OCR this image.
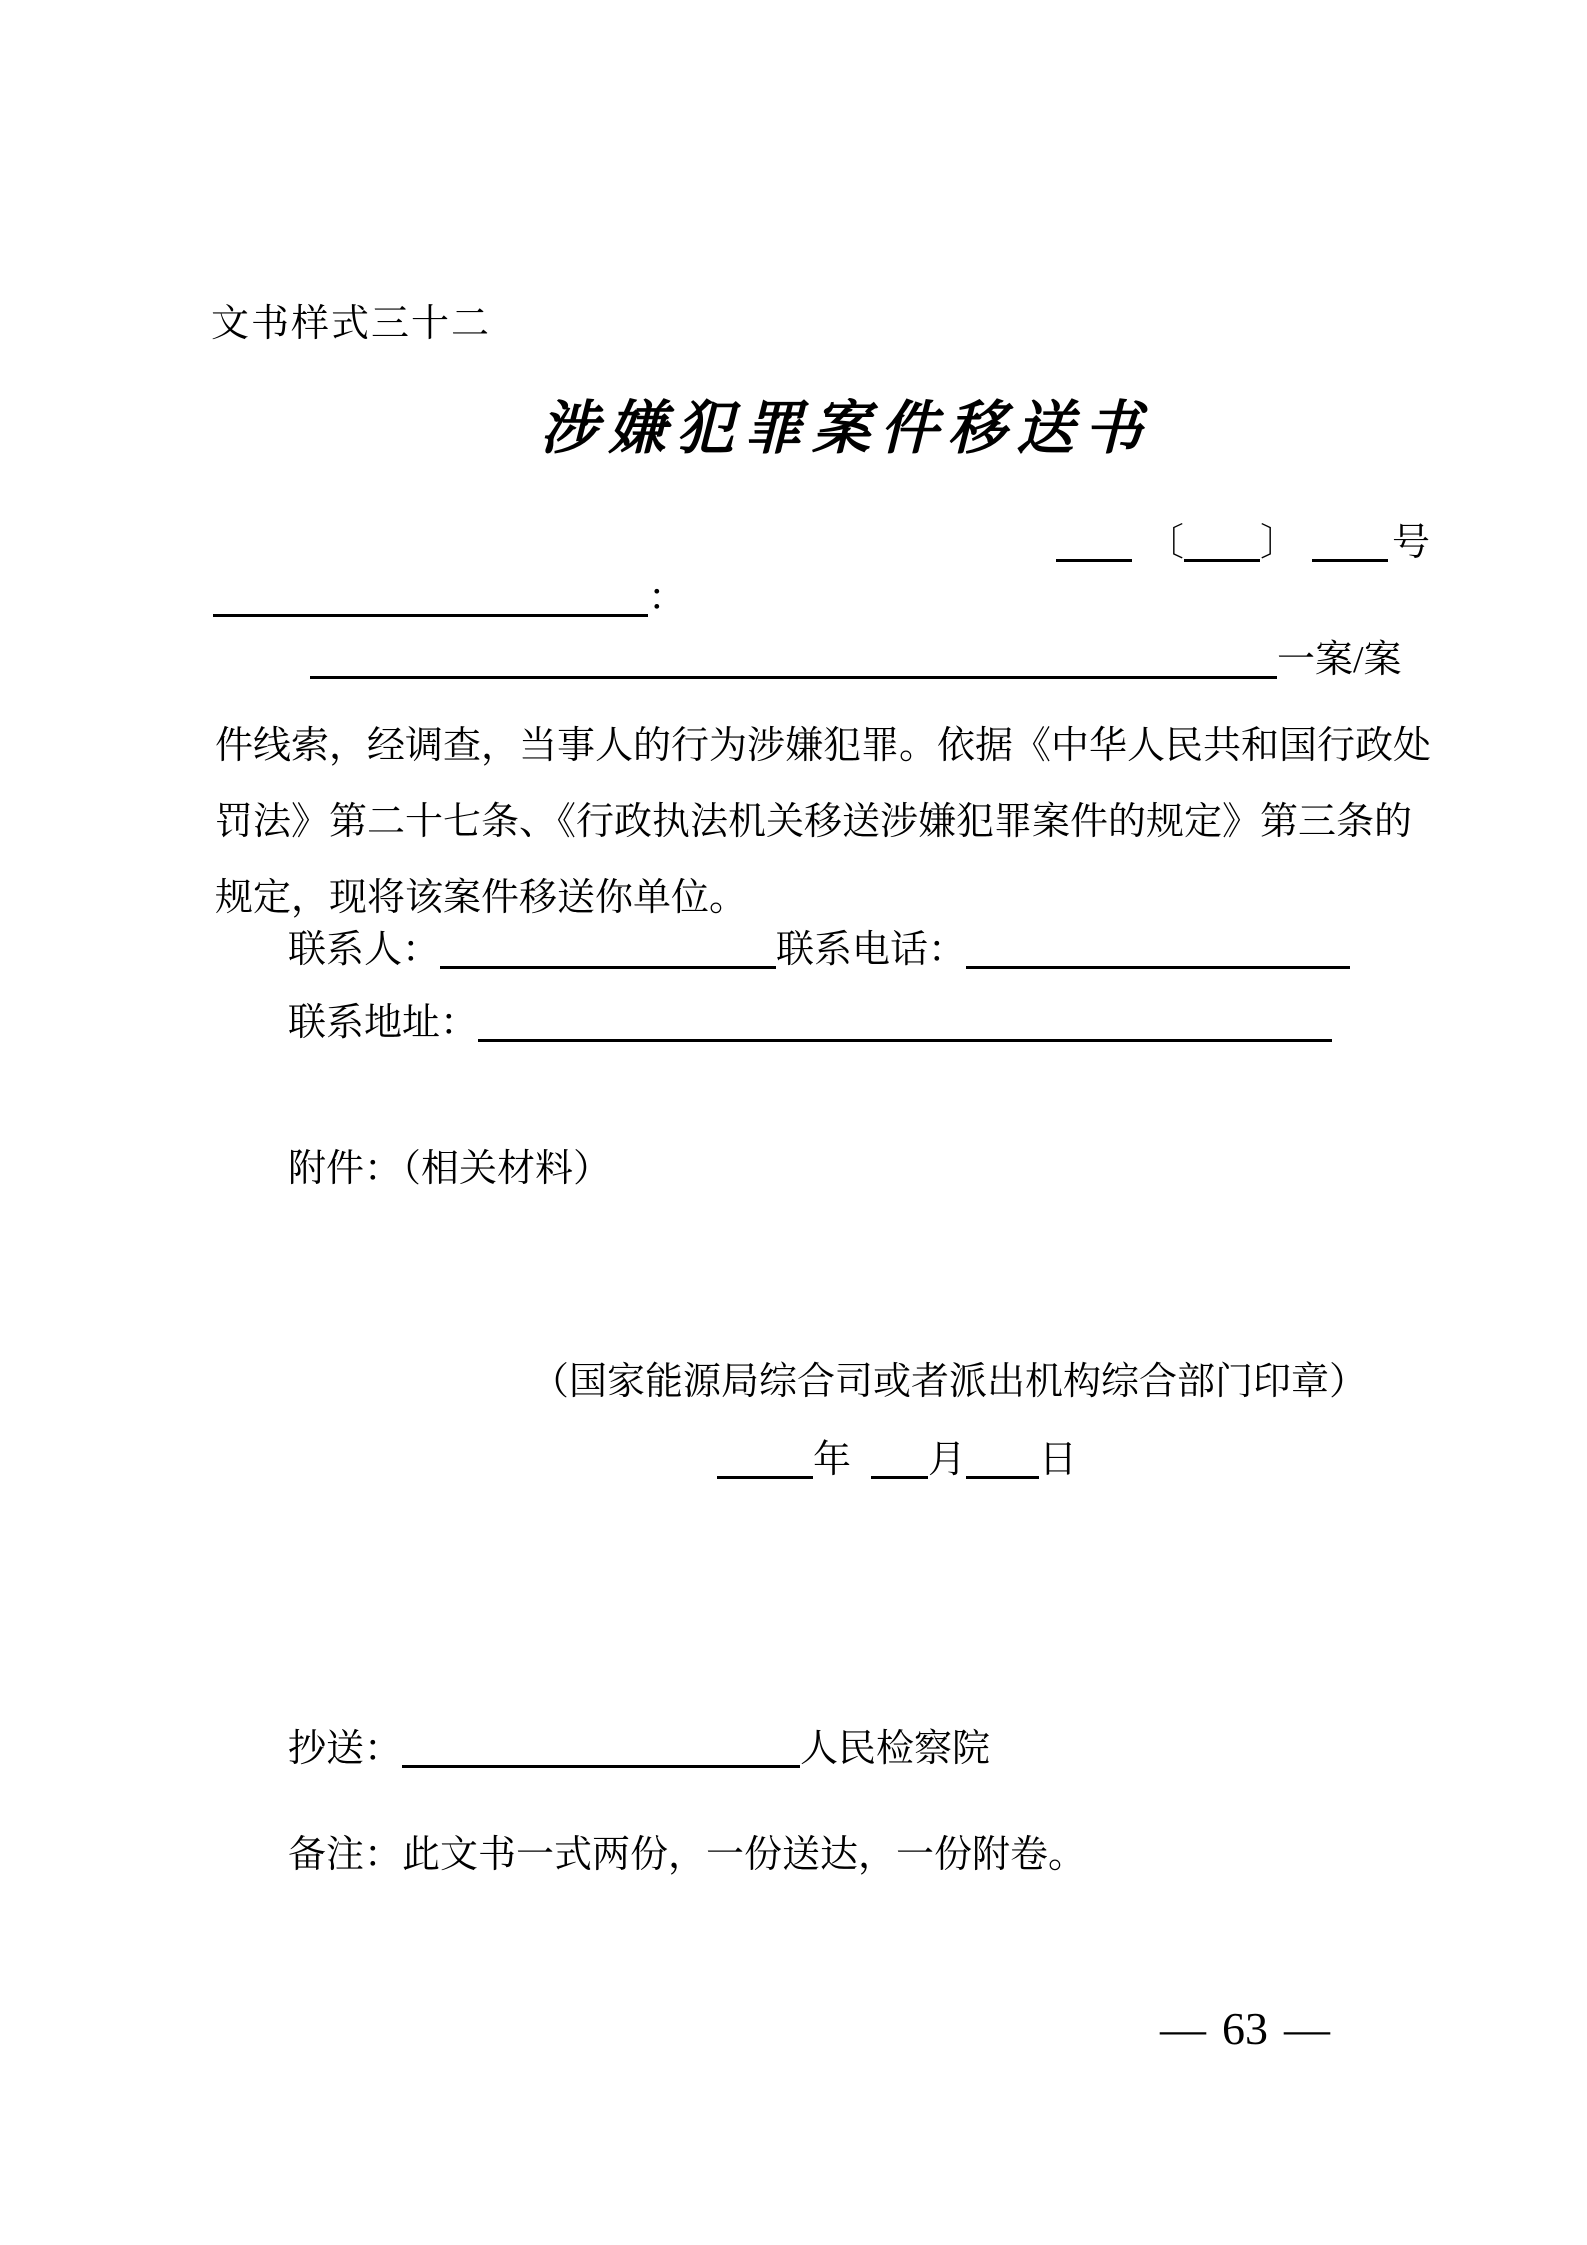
文书样式三十二
涉嫌犯罪案件移送书
〔 〕 号
：
一案/案
件线索，经调查，当事人的行为涉嫌犯罪。依据《中华人民共和国行政处
罚法》第二十七条、《行政执法机关移送涉嫌犯罪案件的规定》第三条的
规定，现将该案件移送你单位。
联系人：	联系电话：
联系地址：
附件：（相关材料）
（国家能源局综合司或者派出机构综合部门印章）
年 月 日
抄送：	人民检察院
备注：此文书一式两份，一份送达，一份附卷。
— 63 —
